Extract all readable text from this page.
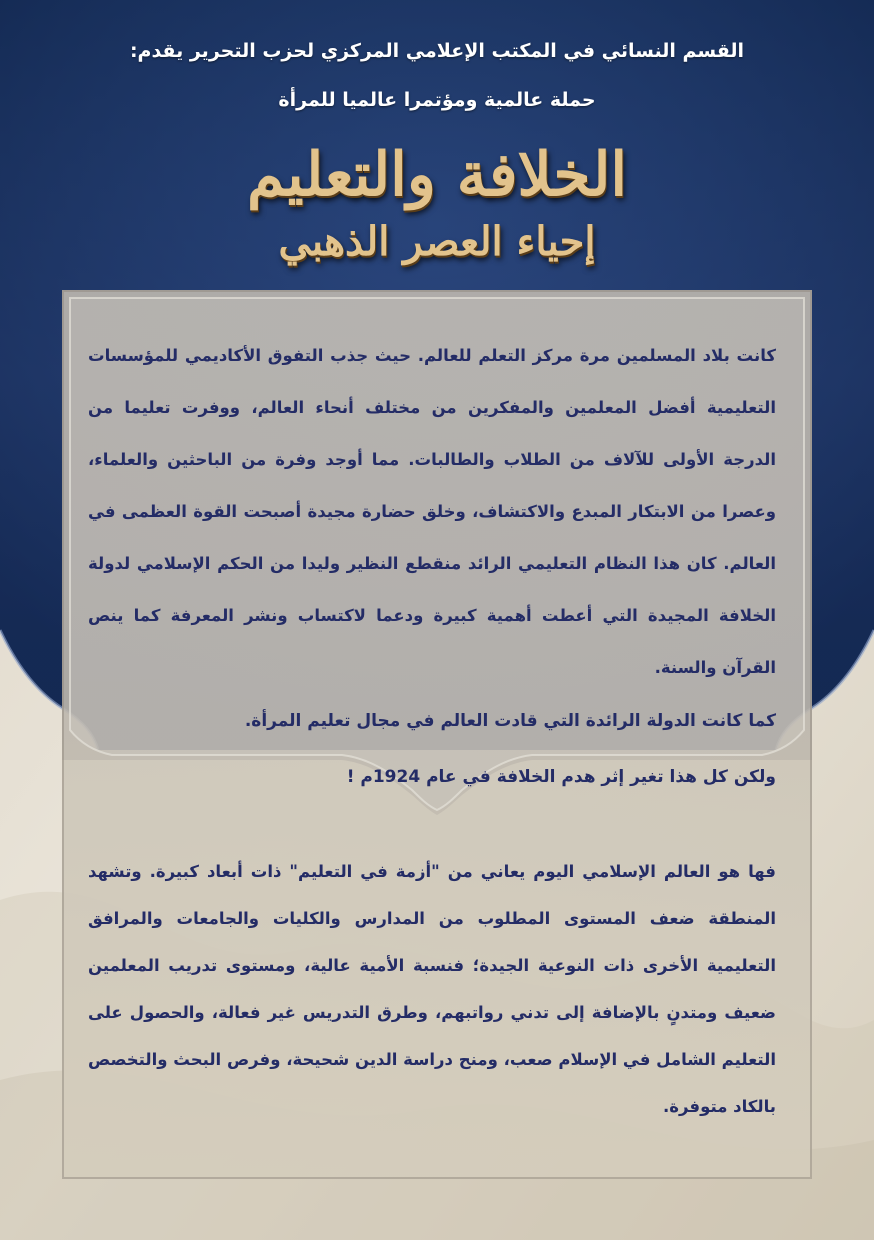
القسم النسائي في المكتب الإعلامي المركزي لحزب التحرير يقدم:
حملة عالمية ومؤتمرا عالميا للمرأة
الخلافة والتعليم
إحياء العصر الذهبي
كانت بلاد المسلمين مرة مركز التعلم للعالم. حيث جذب التفوق الأكاديمي للمؤسسات التعليمية أفضل المعلمين والمفكرين من مختلف أنحاء العالم، ووفرت تعليما من الدرجة الأولى للآلاف من الطلاب والطالبات. مما أوجد وفرة من الباحثين والعلماء، وعصرا من الابتكار المبدع والاكتشاف، وخلق حضارة مجيدة أصبحت القوة العظمى في العالم. كان هذا النظام التعليمي الرائد منقطع النظير وليدا من الحكم الإسلامي لدولة الخلافة المجيدة التي أعطت أهمية كبيرة ودعما لاكتساب ونشر المعرفة كما ينص القرآن والسنة.
كما كانت الدولة الرائدة التي قادت العالم في مجال تعليم المرأة.
ولكن كل هذا تغير إثر هدم الخلافة في عام 1924م !
فها هو العالم الإسلامي اليوم يعاني من "أزمة في التعليم" ذات أبعاد كبيرة. وتشهد المنطقة ضعف المستوى المطلوب من المدارس والكليات والجامعات والمرافق التعليمية الأخرى ذات النوعية الجيدة؛ فنسبة الأمية عالية، ومستوى تدريب المعلمين ضعيف ومتدنٍ بالإضافة إلى تدني رواتبهم، وطرق التدريس غير فعالة، والحصول على التعليم الشامل في الإسلام صعب، ومنح دراسة الدين شحيحة، وفرص البحث والتخصص بالكاد متوفرة.
